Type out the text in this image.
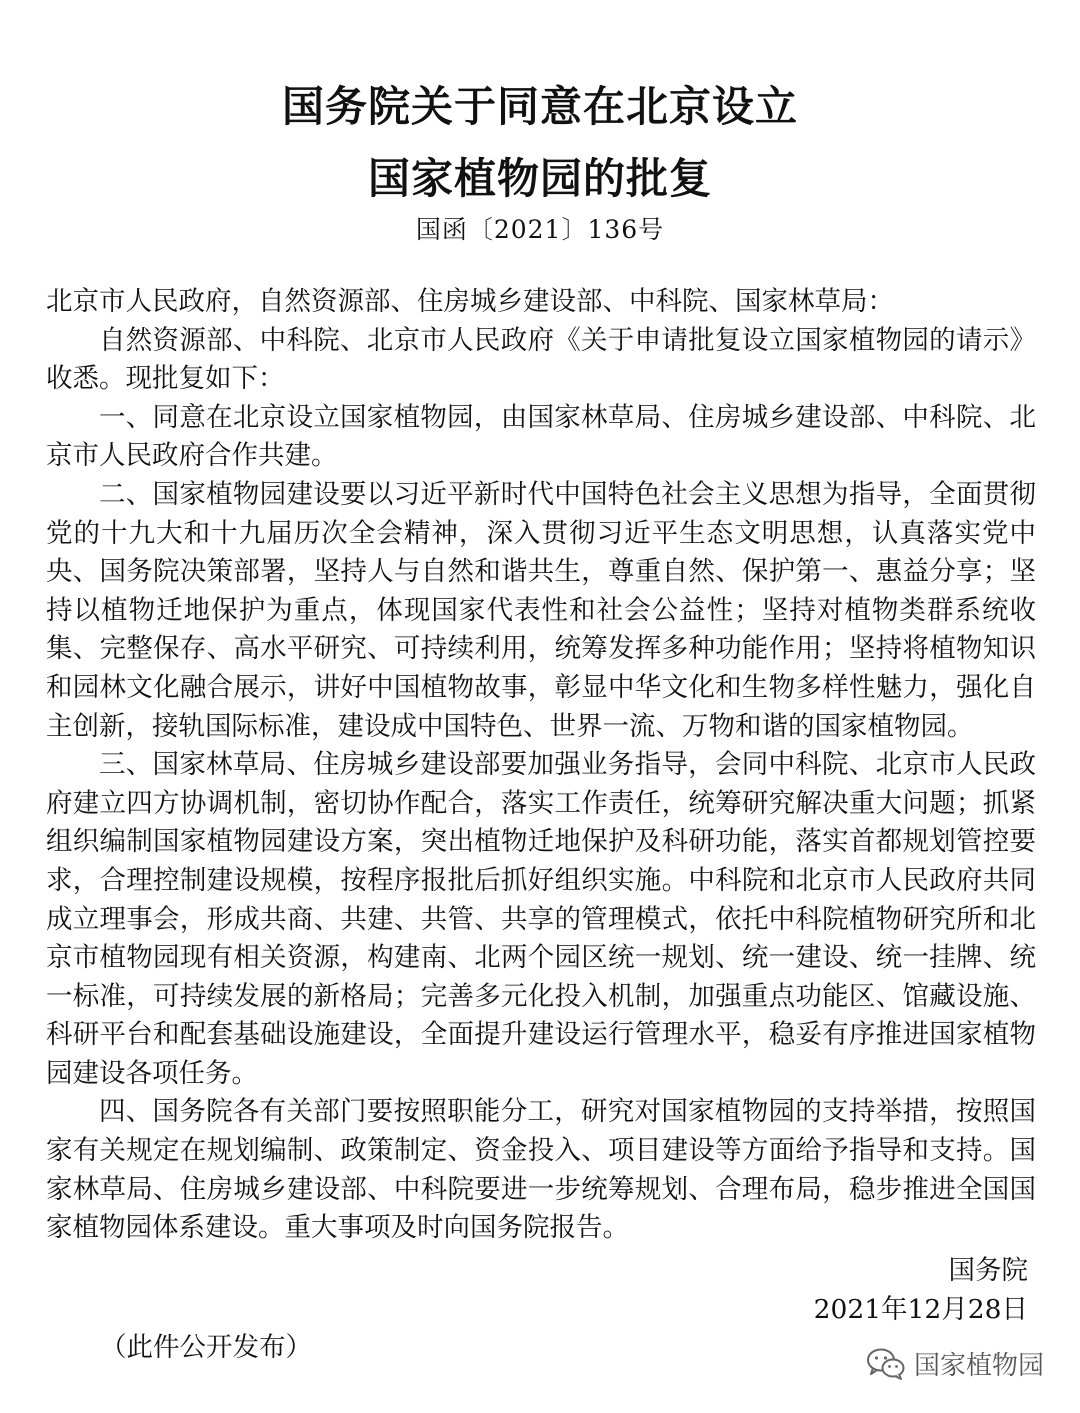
国务院关于同意在北京设立
国家植物园的批复
国函〔2021〕136号

北京市人民政府，自然资源部、住房城乡建设部、中科院、国家林草局：

自然资源部、中科院、北京市人民政府《关于申请批复设立国家植物园的请示》收悉。现批复如下：

一、同意在北京设立国家植物园，由国家林草局、住房城乡建设部、中科院、北京市人民政府合作共建。

二、国家植物园建设要以习近平新时代中国特色社会主义思想为指导，全面贯彻党的十九大和十九届历次全会精神，深入贯彻习近平生态文明思想，认真落实党中央、国务院决策部署，坚持人与自然和谐共生，尊重自然、保护第一、惠益分享；坚持以植物迁地保护为重点，体现国家代表性和社会公益性；坚持对植物类群系统收集、完整保存、高水平研究、可持续利用，统筹发挥多种功能作用；坚持将植物知识和园林文化融合展示，讲好中国植物故事，彰显中华文化和生物多样性魅力，强化自主创新，接轨国际标准，建设成中国特色、世界一流、万物和谐的国家植物园。

三、国家林草局、住房城乡建设部要加强业务指导，会同中科院、北京市人民政府建立四方协调机制，密切协作配合，落实工作责任，统筹研究解决重大问题；抓紧组织编制国家植物园建设方案，突出植物迁地保护及科研功能，落实首都规划管控要求，合理控制建设规模，按程序报批后抓好组织实施。中科院和北京市人民政府共同成立理事会，形成共商、共建、共管、共享的管理模式，依托中科院植物研究所和北京市植物园现有相关资源，构建南、北两个园区统一规划、统一建设、统一挂牌、统一标准，可持续发展的新格局；完善多元化投入机制，加强重点功能区、馆藏设施、科研平台和配套基础设施建设，全面提升建设运行管理水平，稳妥有序推进国家植物园建设各项任务。

四、国务院各有关部门要按照职能分工，研究对国家植物园的支持举措，按照国家有关规定在规划编制、政策制定、资金投入、项目建设等方面给予指导和支持。国家林草局、住房城乡建设部、中科院要进一步统筹规划、合理布局，稳步推进全国国家植物园体系建设。重大事项及时向国务院报告。

国务院
2021年12月28日
（此件公开发布）
国家植物园
